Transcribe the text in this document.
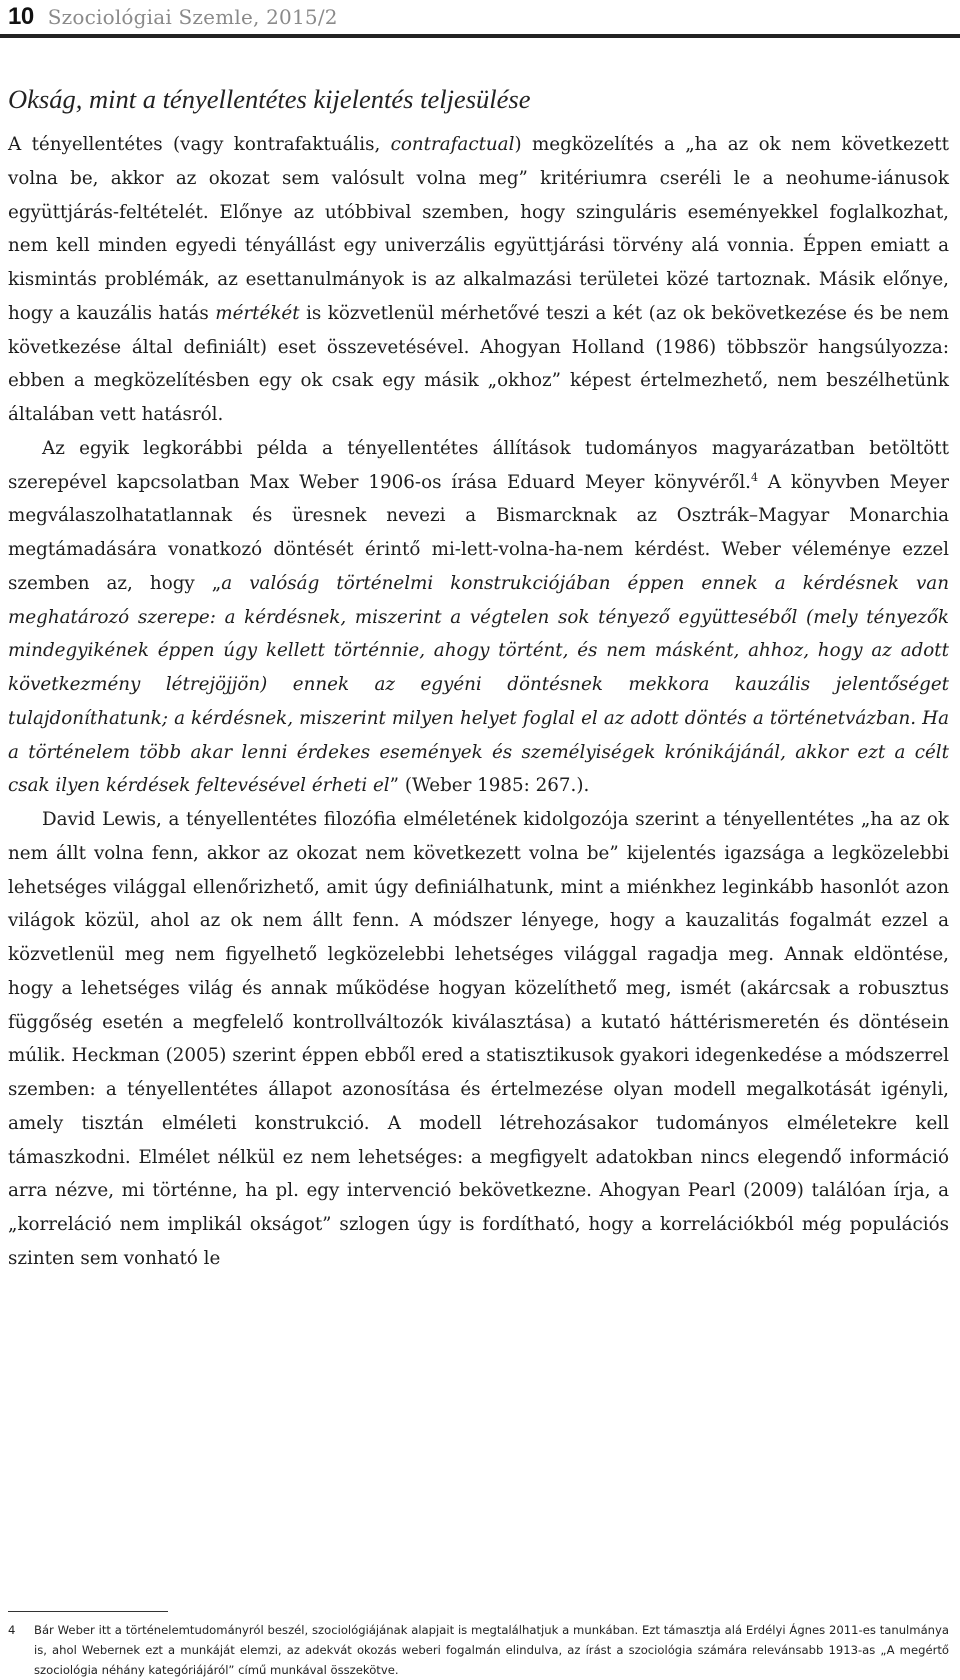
10 Szociológiai Szemle, 2015/2
Okság, mint a tényellentétes kijelentés teljesülése

A tényellentétes (vagy kontrafaktuális, contrafactual) megközelítés a „ha az ok nem következett volna be, akkor az okozat sem valósult volna meg” kritériumra cseréli le a neohume-iánusok együttjárás-feltételét. Előnye az utóbbival szemben, hogy szinguláris eseményekkel foglalkozhat, nem kell minden egyedi tényállást egy univerzális együttjárási törvény alá vonnia. Éppen emiatt a kismintás problémák, az esettanulmányok is az alkalmazási területei közé tartoznak. Másik előnye, hogy a kauzális hatás mértékét is közvetlenül mérhetővé teszi a két (az ok bekövetkezése és be nem következése által definiált) eset összevetésével. Ahogyan Holland (1986) többször hangsúlyozza: ebben a megközelítésben egy ok csak egy másik „okhoz” képest értelmezhető, nem beszélhetünk általában vett hatásról.

Az egyik legkorábbi példa a tényellentétes állítások tudományos magyarázatban betöltött szerepével kapcsolatban Max Weber 1906-os írása Eduard Meyer könyvéről.$^4$ A könyvben Meyer megválaszolhatatlannak és üresnek nevezi a Bismarcknak az Osztrák–Magyar Monarchia megtámadására vonatkozó döntését érintő mi-lett-volna-ha-nem kérdést. Weber véleménye ezzel szemben az, hogy „a valóság történelmi konstrukciójában éppen ennek a kérdésnek van meghatározó szerepe: a kérdésnek, miszerint a végtelen sok tényező együtteséből (mely tényezők mindegyikének éppen úgy kellett történnie, ahogy történt, és nem másként, ahhoz, hogy az adott következmény létrejöjjön) ennek az egyéni döntésnek mekkora kauzális jelentőséget tulajdoníthatunk; a kérdésnek, miszerint milyen helyet foglal el az adott döntés a történetvázban. Ha a történelem több akar lenni érdekes események és személyiségek krónikájánál, akkor ezt a célt csak ilyen kérdések feltevésével érheti el” (Weber 1985: 267.).

David Lewis, a tényellentétes filozófia elméletének kidolgozója szerint a tényellentétes „ha az ok nem állt volna fenn, akkor az okozat nem következett volna be” kijelentés igazsága a legközelebbi lehetséges világgal ellenőrizhető, amit úgy definiálhatunk, mint a miénkhez leginkább hasonlót azon világok közül, ahol az ok nem állt fenn. A módszer lényege, hogy a kauzalitás fogalmát ezzel a közvetlenül meg nem figyelhető legközelebbi lehetséges világgal ragadja meg. Annak eldöntése, hogy a lehetséges világ és annak működése hogyan közelíthető meg, ismét (akárcsak a robusztus függőség esetén a megfelelő kontrollváltozók kiválasztása) a kutató háttérismeretén és döntésein múlik. Heckman (2005) szerint éppen ebből ered a statisztikusok gyakori idegenkedése a módszerrel szemben: a tényellentétes állapot azonosítása és értelmezése olyan modell megalkotását igényli, amely tisztán elméleti konstrukció. A modell létrehozásakor tudományos elméletekre kell támaszkodni. Elmélet nélkül ez nem lehetséges: a megfigyelt adatokban nincs elegendő információ arra nézve, mi történne, ha pl. egy intervenció bekövetkezne. Ahogyan Pearl (2009) találóan írja, a „korreláció nem implikál okságot” szlogen úgy is fordítható, hogy a korrelációkból még populációs szinten sem vonható le

4	Bár Weber itt a történelemtudományról beszél, szociológiájának alapjait is megtalálhatjuk a munkában. Ezt támasztja alá Erdélyi Ágnes 2011-es tanulmánya is, ahol Webernek ezt a munkáját elemzi, az adekvát okozás weberi fogalmán elindulva, az írást a szociológia számára relevánsabb 1913-as „A megértő szociológia néhány kategóriájáról” című munkával összekötve.
